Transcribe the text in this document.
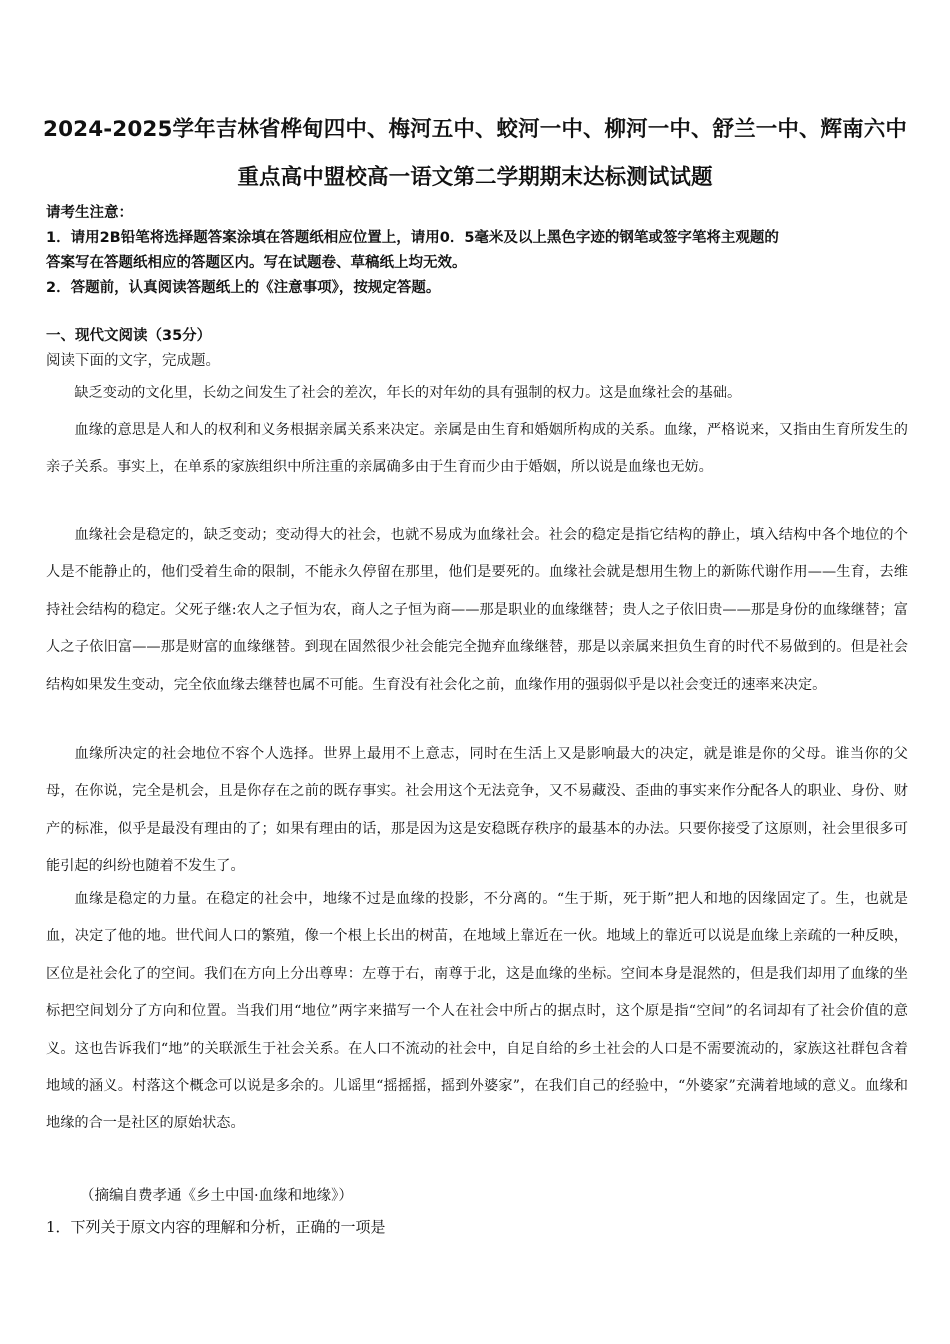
2024-2025学年吉林省桦甸四中、梅河五中、蛟河一中、柳河一中、舒兰一中、辉南六中
重点高中盟校高一语文第二学期期末达标测试试题
请考生注意：
1．请用2B铅笔将选择题答案涂填在答题纸相应位置上，请用0．5毫米及以上黑色字迹的钢笔或签字笔将主观题的
答案写在答题纸相应的答题区内。写在试题卷、草稿纸上均无效。
2．答题前，认真阅读答题纸上的《注意事项》，按规定答题。
一、现代文阅读（35分）
阅读下面的文字，完成题。

缺乏变动的文化里，长幼之间发生了社会的差次，年长的对年幼的具有强制的权力。这是血缘社会的基础。

血缘的意思是人和人的权利和义务根据亲属关系来决定。亲属是由生育和婚姻所构成的关系。血缘，严格说来，又指由生育所发生的亲子关系。事实上，在单系的家族组织中所注重的亲属确多由于生育而少由于婚姻，所以说是血缘也无妨。

血缘社会是稳定的，缺乏变动；变动得大的社会，也就不易成为血缘社会。社会的稳定是指它结构的静止，填入结构中各个地位的个人是不能静止的，他们受着生命的限制，不能永久停留在那里，他们是要死的。血缘社会就是想用生物上的新陈代谢作用——生育，去维持社会结构的稳定。父死子继:农人之子恒为农，商人之子恒为商——那是职业的血缘继替；贵人之子依旧贵——那是身份的血缘继替；富人之子依旧富——那是财富的血缘继替。到现在固然很少社会能完全抛弃血缘继替，那是以亲属来担负生育的时代不易做到的。但是社会结构如果发生变动，完全依血缘去继替也属不可能。生育没有社会化之前，血缘作用的强弱似乎是以社会变迁的速率来决定。

血缘所决定的社会地位不容个人选择。世界上最用不上意志，同时在生活上又是影响最大的决定，就是谁是你的父母。谁当你的父母，在你说，完全是机会，且是你存在之前的既存事实。社会用这个无法竞争，又不易藏没、歪曲的事实来作分配各人的职业、身份、财产的标准，似乎是最没有理由的了；如果有理由的话，那是因为这是安稳既存秩序的最基本的办法。只要你接受了这原则，社会里很多可能引起的纠纷也随着不发生了。

血缘是稳定的力量。在稳定的社会中，地缘不过是血缘的投影，不分离的。“生于斯，死于斯”把人和地的因缘固定了。生，也就是血，决定了他的地。世代间人口的繁殖，像一个根上长出的树苗，在地域上靠近在一伙。地域上的靠近可以说是血缘上亲疏的一种反映，区位是社会化了的空间。我们在方向上分出尊卑：左尊于右，南尊于北，这是血缘的坐标。空间本身是混然的，但是我们却用了血缘的坐标把空间划分了方向和位置。当我们用“地位”两字来描写一个人在社会中所占的据点时，这个原是指“空间”的名词却有了社会价值的意义。这也告诉我们“地”的关联派生于社会关系。在人口不流动的社会中，自足自给的乡土社会的人口是不需要流动的，家族这社群包含着地域的涵义。村落这个概念可以说是多余的。儿谣里“摇摇摇，摇到外婆家”，在我们自己的经验中，“外婆家”充满着地域的意义。血缘和地缘的合一是社区的原始状态。

（摘编自费孝通《乡土中国·血缘和地缘》）
1．下列关于原文内容的理解和分析，正确的一项是
